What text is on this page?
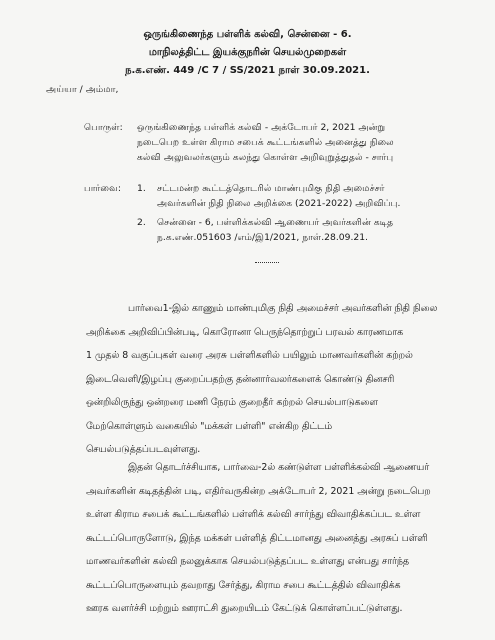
ஒருங்கிணைந்த பள்ளிக் கல்வி, சென்னை - 6.
மாநிலத்திட்ட இயக்குநரின் செயல்முறைகள்
ந.க.எண். 449 /C 7 / SS/2021 நாள் 30.09.2021.
அய்யா / அம்மா,
பொருள்: ஒருங்கிணைந்த பள்ளிக் கல்வி - அக்டோபர் 2, 2021 அன்று
நடைபெற உள்ள கிராம சபைக் கூட்டங்களில் அனைத்து நிலை
கல்வி அலுவலர்களும் கலந்து கொள்ள அறிவுறுத்துதல் - சார்பு
பார்வை: 1. சட்டமன்ற கூட்டத்தொடரில் மாண்புமிகு நிதி அமைச்சர்
அவர்களின் நிதி நிலை அறிக்கை (2021-2022) அறிவிப்பு.
2. சென்னை - 6, பள்ளிக்கல்வி ஆணையர் அவர்களின் கடித
ந.க.எண்.051603 /எம்/இ1/2021, நாள்.28.09.21.
பார்வை1-இல் காணும் மாண்புமிகு நிதி அமைச்சர் அவர்களின் நிதி நிலை
அறிக்கை அறிவிப்பின்படி, கொரோனா பெருந்தொற்றுப் பரவல் காரணமாக
1 முதல் 8 வகுப்புகள் வரை அரசு பள்ளிகளில் பயிலும் மாணவர்களின் கற்றல்
இடைவெளி/இழப்பு குறைப்பதற்கு தன்னார்வலர்களைக் கொண்டு தினசரி
ஒன்றிலிருந்து ஒன்றரை மணி நேரம் குறைதீர் கற்றல் செயல்பாடுகளை
மேற்கொள்ளும் வகையில் "மக்கள் பள்ளி" என்கிற திட்டம்
செயல்படுத்தப்படவுள்ளது.
இதன் தொடர்ச்சியாக, பார்வை-2ல் கண்டுள்ள பள்ளிக்கல்வி ஆணையர்
அவர்களின் கடிதத்தின் படி, எதிர்வருகின்ற அக்டோபர் 2, 2021 அன்று நடைபெற
உள்ள கிராம சபைக் கூட்டங்களில் பள்ளிக் கல்வி சார்ந்து விவாதிக்கப்பட உள்ள
கூட்டப்பொருளோடு, இந்த மக்கள் பள்ளித் திட்டமானது அனைத்து அரசுப் பள்ளி
மாணவர்களின் கல்வி நலனுக்காக செயல்படுத்தப்பட உள்ளது என்பது சார்ந்த
கூட்டப்பொருளையும் தவறாது சேர்த்து, கிராம சபை கூட்டத்தில் விவாதிக்க
ஊரக வளர்ச்சி மற்றும் ஊராட்சி துறையிடம் கேட்டுக் கொள்ளப்பட்டுள்ளது.
